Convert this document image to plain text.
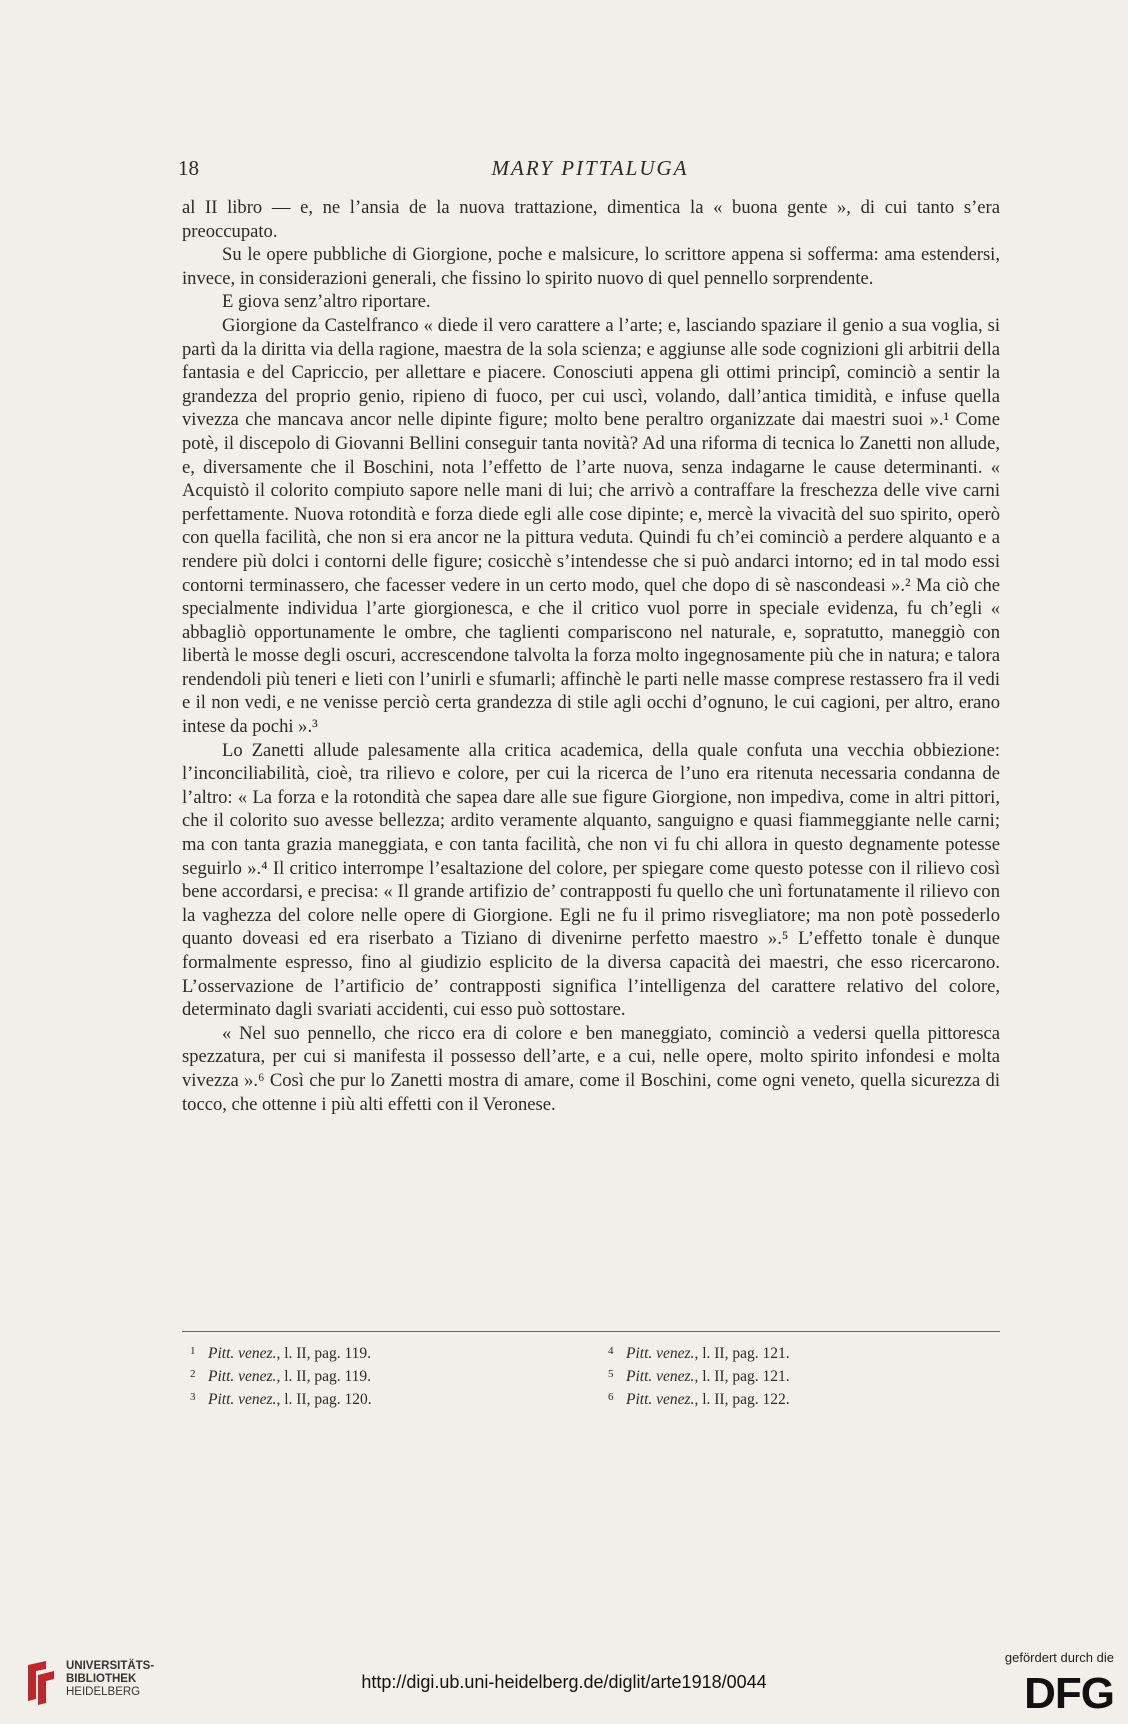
18	MARY PITTALUGA

al II libro — e, ne l’ansia de la nuova trattazione, dimentica la « buona gente », di cui tanto s’era preoccupato.

Su le opere pubbliche di Giorgione, poche e malsicure, lo scrittore appena si sofferma: ama estendersi, invece, in considerazioni generali, che fissino lo spirito nuovo di quel pennello sorprendente.

E giova senz’altro riportare.

Giorgione da Castelfranco « diede il vero carattere a l’arte; e, lasciando spaziare il genio a sua voglia, si partì da la diritta via della ragione, maestra de la sola scienza; e aggiunse alle sode cognizioni gli arbitrii della fantasia e del Capriccio, per allettare e piacere. Conosciuti appena gli ottimi principî, cominciò a sentir la grandezza del proprio genio, ripieno di fuoco, per cui uscì, volando, dall’antica timidità, e infuse quella vivezza che mancava ancor nelle dipinte figure; molto bene peraltro organizzate dai maestri suoi ».¹ Come potè, il discepolo di Giovanni Bellini conseguir tanta novità? Ad una riforma di tecnica lo Zanetti non allude, e, diversamente che il Boschini, nota l’effetto de l’arte nuova, senza indagarne le cause determinanti. « Acquistò il colorito compiuto sapore nelle mani di lui; che arrivò a contraffare la freschezza delle vive carni perfettamente. Nuova rotondità e forza diede egli alle cose dipinte; e, mercè la vivacità del suo spirito, operò con quella facilità, che non si era ancor ne la pittura veduta. Quindi fu ch’ei cominciò a perdere alquanto e a rendere più dolci i contorni delle figure; cosicchè s’intendesse che si può andarci intorno; ed in tal modo essi contorni terminassero, che facesser vedere in un certo modo, quel che dopo di sè nascondeasi ».² Ma ciò che specialmente individua l’arte giorgionesca, e che il critico vuol porre in speciale evidenza, fu ch’egli « abbagliò opportunamente le ombre, che taglienti compariscono nel naturale, e, sopratutto, maneggiò con libertà le mosse degli oscuri, accrescendone talvolta la forza molto ingegnosamente più che in natura; e talora rendendoli più teneri e lieti con l’unirli e sfumarli; affinchè le parti nelle masse comprese restassero fra il vedi e il non vedi, e ne venisse perciò certa grandezza di stile agli occhi d’ognuno, le cui cagioni, per altro, erano intese da pochi ».³

Lo Zanetti allude palesamente alla critica academica, della quale confuta una vecchia obbiezione: l’inconciliabilità, cioè, tra rilievo e colore, per cui la ricerca de l’uno era ritenuta necessaria condanna de l’altro: « La forza e la rotondità che sapea dare alle sue figure Giorgione, non impediva, come in altri pittori, che il colorito suo avesse bellezza; ardito veramente alquanto, sanguigno e quasi fiammeggiante nelle carni; ma con tanta grazia maneggiata, e con tanta facilità, che non vi fu chi allora in questo degnamente potesse seguirlo ».⁴ Il critico interrompe l’esaltazione del colore, per spiegare come questo potesse con il rilievo così bene accordarsi, e precisa: « Il grande artifizio de’ contrapposti fu quello che unì fortunatamente il rilievo con la vaghezza del colore nelle opere di Giorgione. Egli ne fu il primo risvegliatore; ma non potè possederlo quanto doveasi ed era riserbato a Tiziano di divenirne perfetto maestro ».⁵ L’effetto tonale è dunque formalmente espresso, fino al giudizio esplicito de la diversa capacità dei maestri, che esso ricercarono. L’osservazione de l’artificio de’ contrapposti significa l’intelligenza del carattere relativo del colore, determinato dagli svariati accidenti, cui esso può sottostare.

« Nel suo pennello, che ricco era di colore e ben maneggiato, cominciò a vedersi quella pittoresca spezzatura, per cui si manifesta il possesso dell’arte, e a cui, nelle opere, molto spirito infondesi e molta vivezza ».⁶ Così che pur lo Zanetti mostra di amare, come il Boschini, come ogni veneto, quella sicurezza di tocco, che ottenne i più alti effetti con il Veronese.

1 Pitt. venez., l. II, pag. 119.
2 Pitt. venez., l. II, pag. 119.
3 Pitt. venez., l. II, pag. 120.
4 Pitt. venez., l. II, pag. 121.
5 Pitt. venez., l. II, pag. 121.
6 Pitt. venez., l. II, pag. 122.
UNIVERSITÄTS-
BIBLIOTHEK
HEIDELBERG	http://digi.ub.uni-heidelberg.de/diglit/arte1918/0044
gefördert durch die
DFG
